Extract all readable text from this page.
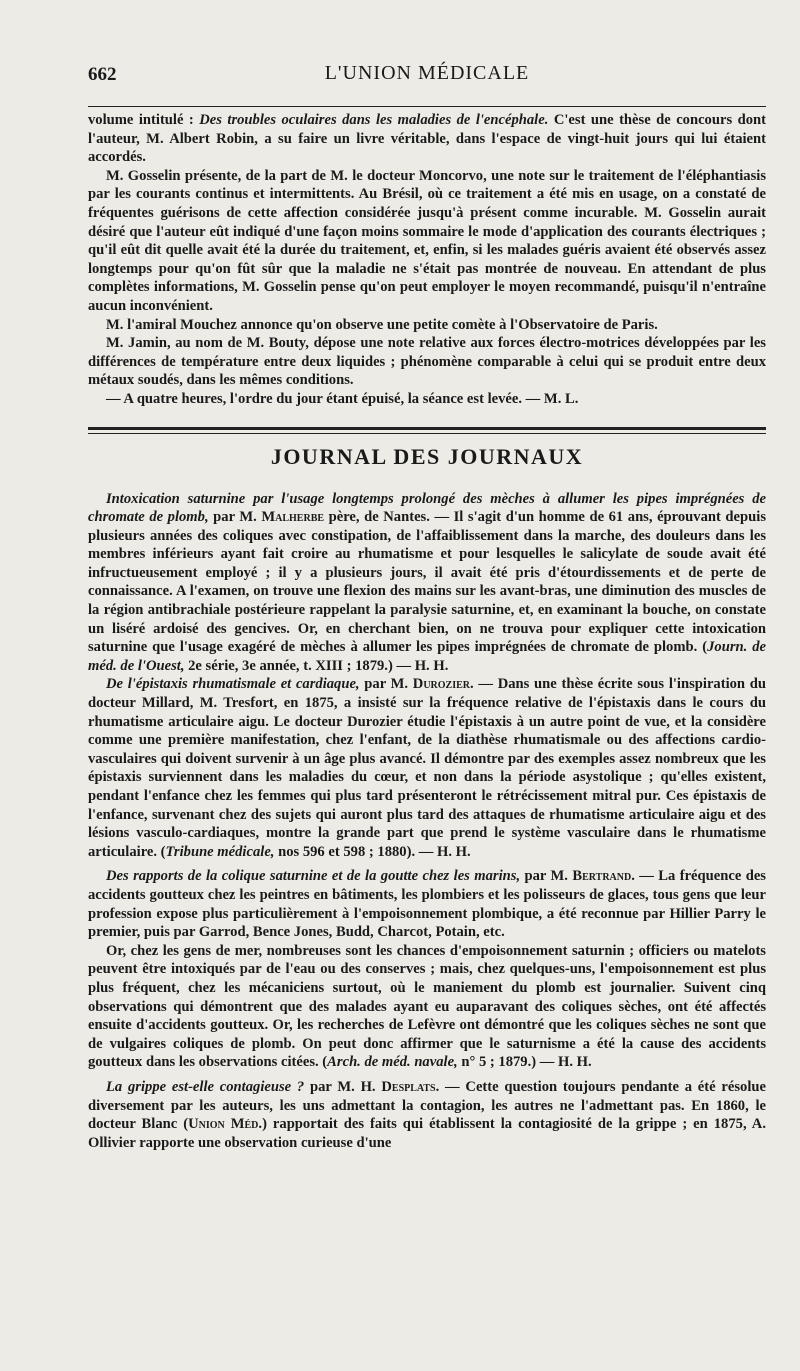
662	L'UNION MÉDICALE

volume intitulé : Des troubles oculaires dans les maladies de l'encéphale. C'est une thèse de concours dont l'auteur, M. Albert Robin, a su faire un livre véritable, dans l'espace de vingt-huit jours qui lui étaient accordés.

M. Gosselin présente, de la part de M. le docteur Moncorvo, une note sur le traitement de l'éléphantiasis par les courants continus et intermittents. Au Brésil, où ce traitement a été mis en usage, on a constaté de fréquentes guérisons de cette affection considérée jusqu'à présent comme incurable. M. Gosselin aurait désiré que l'auteur eût indiqué d'une façon moins sommaire le mode d'application des courants électriques ; qu'il eût dit quelle avait été la durée du traitement, et, enfin, si les malades guéris avaient été observés assez longtemps pour qu'on fût sûr que la maladie ne s'était pas montrée de nouveau. En attendant de plus complètes informations, M. Gosselin pense qu'on peut employer le moyen recommandé, puisqu'il n'entraîne aucun inconvénient.

M. l'amiral Mouchez annonce qu'on observe une petite comète à l'Observatoire de Paris.

M. Jamin, au nom de M. Bouty, dépose une note relative aux forces électro-motrices développées par les différences de température entre deux liquides ; phénomène comparable à celui qui se produit entre deux métaux soudés, dans les mêmes conditions.

— A quatre heures, l'ordre du jour étant épuisé, la séance est levée. — M. L.

JOURNAL DES JOURNAUX

Intoxication saturnine par l'usage longtemps prolongé des mèches à allumer les pipes imprégnées de chromate de plomb, par M. Malherbe père, de Nantes. — Il s'agit d'un homme de 61 ans, éprouvant depuis plusieurs années des coliques avec constipation, de l'affaiblissement dans la marche, des douleurs dans les membres inférieurs ayant fait croire au rhumatisme et pour lesquelles le salicylate de soude avait été infructueusement employé ; il y a plusieurs jours, il avait été pris d'étourdissements et de perte de connaissance. A l'examen, on trouve une flexion des mains sur les avant-bras, une diminution des muscles de la région antibrachiale postérieure rappelant la paralysie saturnine, et, en examinant la bouche, on constate un liséré ardoisé des gencives. Or, en cherchant bien, on ne trouva pour expliquer cette intoxication saturnine que l'usage exagéré de mèches à allumer les pipes imprégnées de chromate de plomb. (Journ. de méd. de l'Ouest, 2e série, 3e année, t. XIII ; 1879.) — H. H.

De l'épistaxis rhumatismale et cardiaque, par M. Durozier. — Dans une thèse écrite sous l'inspiration du docteur Millard, M. Tresfort, en 1875, a insisté sur la fréquence relative de l'épistaxis dans le cours du rhumatisme articulaire aigu. Le docteur Durozier étudie l'épistaxis à un autre point de vue, et la considère comme une première manifestation, chez l'enfant, de la diathèse rhumatismale ou des affections cardio-vasculaires qui doivent survenir à un âge plus avancé. Il démontre par des exemples assez nombreux que les épistaxis surviennent dans les maladies du cœur, et non dans la période asystolique ; qu'elles existent, pendant l'enfance chez les femmes qui plus tard présenteront le rétrécissement mitral pur. Ces épistaxis de l'enfance, survenant chez des sujets qui auront plus tard des attaques de rhumatisme articulaire aigu et des lésions vasculo-cardiaques, montre la grande part que prend le système vasculaire dans le rhumatisme articulaire. (Tribune médicale, nos 596 et 598 ; 1880). — H. H.

Des rapports de la colique saturnine et de la goutte chez les marins, par M. Bertrand. — La fréquence des accidents goutteux chez les peintres en bâtiments, les plombiers et les polisseurs de glaces, tous gens que leur profession expose plus particulièrement à l'empoisonnement plombique, a été reconnue par Hillier Parry le premier, puis par Garrod, Bence Jones, Budd, Charcot, Potain, etc.

Or, chez les gens de mer, nombreuses sont les chances d'empoisonnement saturnin ; officiers ou matelots peuvent être intoxiqués par de l'eau ou des conserves ; mais, chez quelques-uns, l'empoisonnement est plus plus fréquent, chez les mécaniciens surtout, où le maniement du plomb est journalier. Suivent cinq observations qui démontrent que des malades ayant eu auparavant des coliques sèches, ont été affectés ensuite d'accidents goutteux. Or, les recherches de Lefèvre ont démontré que les coliques sèches ne sont que de vulgaires coliques de plomb. On peut donc affirmer que le saturnisme a été la cause des accidents goutteux dans les observations citées. (Arch. de méd. navale, n° 5 ; 1879.) — H. H.

La grippe est-elle contagieuse ? par M. H. Desplats. — Cette question toujours pendante a été résolue diversement par les auteurs, les uns admettant la contagion, les autres ne l'admettant pas. En 1860, le docteur Blanc (Union Méd.) rapportait des faits qui établissent la contagiosité de la grippe ; en 1875, A. Ollivier rapporte une observation curieuse d'une
